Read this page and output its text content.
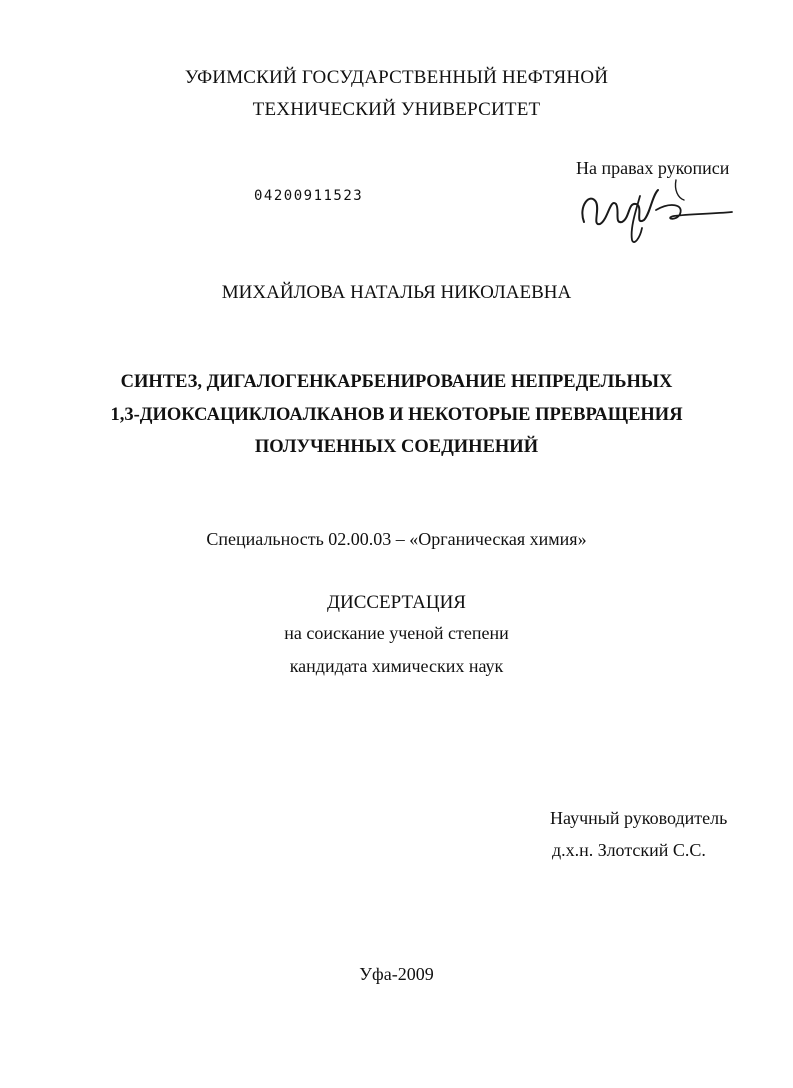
УФИМСКИЙ ГОСУДАРСТВЕННЫЙ НЕФТЯНОЙ
ТЕХНИЧЕСКИЙ УНИВЕРСИТЕТ
На правах рукописи
04200911523
МИХАЙЛОВА НАТАЛЬЯ НИКОЛАЕВНА
СИНТЕЗ, ДИГАЛОГЕНКАРБЕНИРОВАНИЕ НЕПРЕДЕЛЬНЫХ
1,3-ДИОКСАЦИКЛОАЛКАНОВ И НЕКОТОРЫЕ ПРЕВРАЩЕНИЯ
ПОЛУЧЕННЫХ СОЕДИНЕНИЙ
Специальность 02.00.03 – «Органическая химия»
ДИССЕРТАЦИЯ
на соискание ученой степени
кандидата химических наук
Научный руководитель
д.х.н. Злотский С.С.
Уфа-2009
